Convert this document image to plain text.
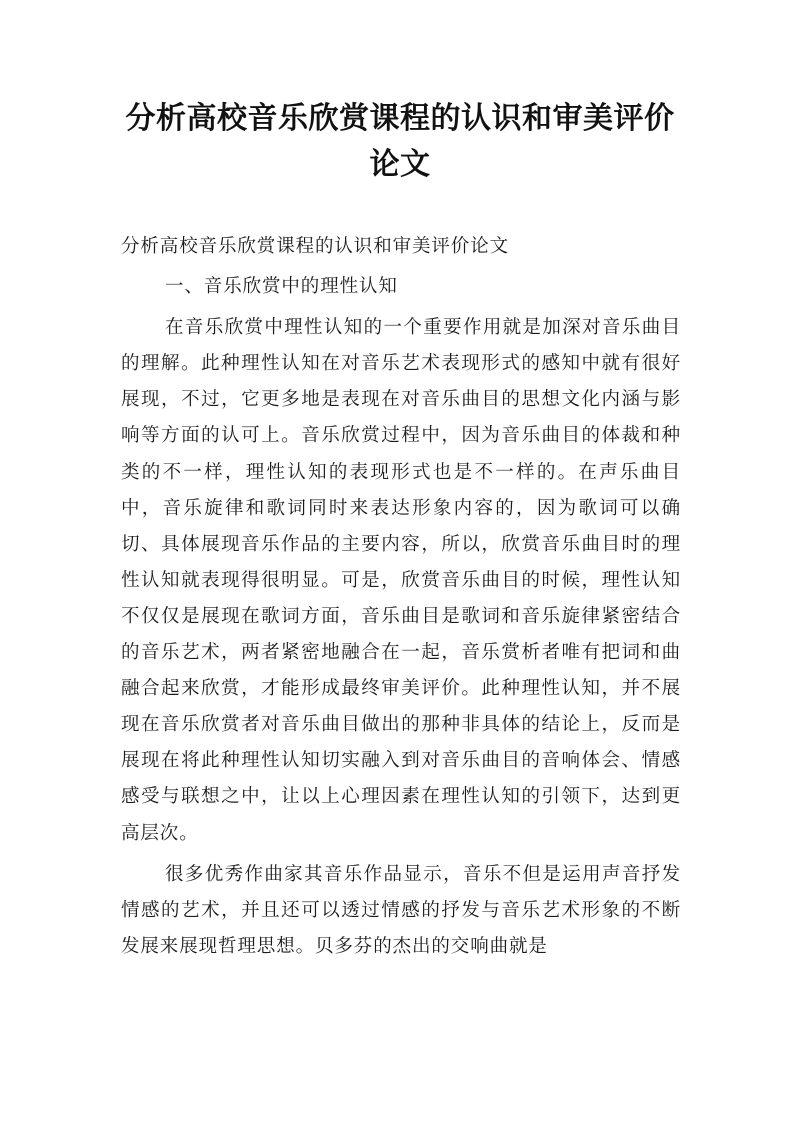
分析高校音乐欣赏课程的认识和审美评价
论文

分析高校音乐欣赏课程的认识和审美评价论文

一、音乐欣赏中的理性认知

在音乐欣赏中理性认知的一个重要作用就是加深对音乐曲目的理解。此种理性认知在对音乐艺术表现形式的感知中就有很好展现，不过，它更多地是表现在对音乐曲目的思想文化内涵与影响等方面的认可上。音乐欣赏过程中，因为音乐曲目的体裁和种类的不一样，理性认知的表现形式也是不一样的。在声乐曲目中，音乐旋律和歌词同时来表达形象内容的，因为歌词可以确切、具体展现音乐作品的主要内容，所以，欣赏音乐曲目时的理性认知就表现得很明显。可是，欣赏音乐曲目的时候，理性认知不仅仅是展现在歌词方面，音乐曲目是歌词和音乐旋律紧密结合的音乐艺术，两者紧密地融合在一起，音乐赏析者唯有把词和曲融合起来欣赏，才能形成最终审美评价。此种理性认知，并不展现在音乐欣赏者对音乐曲目做出的那种非具体的结论上，反而是展现在将此种理性认知切实融入到对音乐曲目的音响体会、情感感受与联想之中，让以上心理因素在理性认知的引领下，达到更高层次。

很多优秀作曲家其音乐作品显示，音乐不但是运用声音抒发情感的艺术，并且还可以透过情感的抒发与音乐艺术形象的不断发展来展现哲理思想。贝多芬的杰出的交响曲就是
